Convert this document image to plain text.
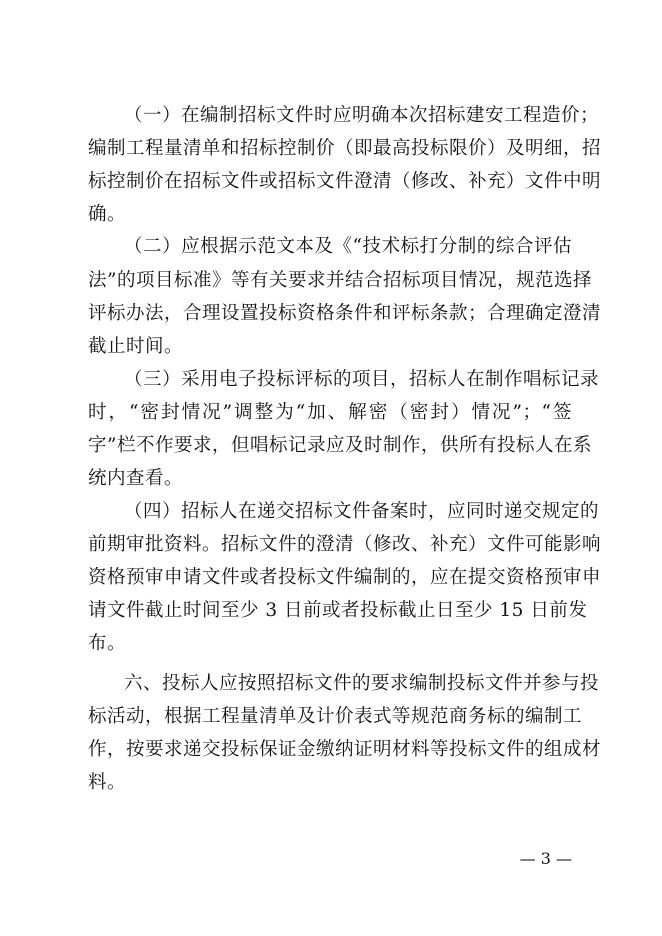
（一）在编制招标文件时应明确本次招标建安工程造价；
编制工程量清单和招标控制价（即最高投标限价）及明细，招
标控制价在招标文件或招标文件澄清（修改、补充）文件中明
确。
（二）应根据示范文本及《“技术标打分制的综合评估
法”的项目标准》等有关要求并结合招标项目情况，规范选择
评标办法，合理设置投标资格条件和评标条款；合理确定澄清
截止时间。
（三）采用电子投标评标的项目，招标人在制作唱标记录
时，“密封情况”调整为“加、解密（密封）情况”；“签
字”栏不作要求，但唱标记录应及时制作，供所有投标人在系
统内查看。
（四）招标人在递交招标文件备案时，应同时递交规定的
前期审批资料。招标文件的澄清（修改、补充）文件可能影响
资格预审申请文件或者投标文件编制的，应在提交资格预审申
请文件截止时间至少 3 日前或者投标截止日至少 15 日前发
布。
六、投标人应按照招标文件的要求编制投标文件并参与投
标活动，根据工程量清单及计价表式等规范商务标的编制工
作，按要求递交投标保证金缴纳证明材料等投标文件的组成材
料。
— 3 —
